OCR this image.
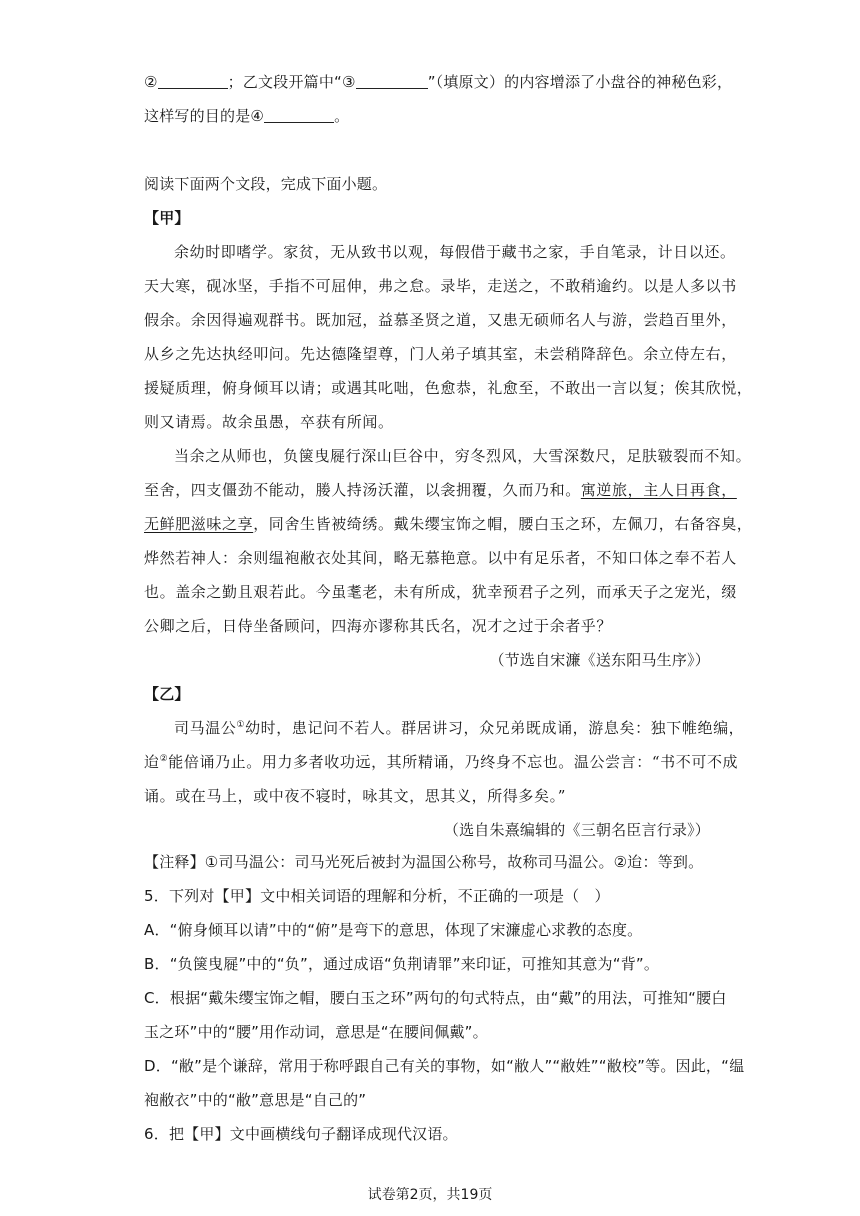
②	；乙文段开篇中“③	”（填原文）的内容增添了小盘谷的神秘色彩，
这样写的目的是④	。
阅读下面两个文段，完成下面小题。
【甲】
余幼时即嗜学。家贫，无从致书以观，每假借于藏书之家，手自笔录，计日以还。
天大寒，砚冰坚，手指不可屈伸，弗之怠。录毕，走送之，不敢稍逾约。以是人多以书
假余。余因得遍观群书。既加冠，益慕圣贤之道，又患无硕师名人与游，尝趋百里外，
从乡之先达执经叩问。先达德隆望尊，门人弟子填其室，未尝稍降辞色。余立侍左右，
援疑质理，俯身倾耳以请；或遇其叱咄，色愈恭，礼愈至，不敢出一言以复；俟其欣悦，
则又请焉。故余虽愚，卒获有所闻。
当余之从师也，负箧曳屣行深山巨谷中，穷冬烈风，大雪深数尺，足肤皲裂而不知。
至舍，四支僵劲不能动，媵人持汤沃灌，以衾拥覆，久而乃和。寓逆旅，主人日再食，
无鲜肥滋味之享，同舍生皆被绮绣。戴朱缨宝饰之帽，腰白玉之环，左佩刀，右备容臭，
烨然若神人：余则缊袍敝衣处其间，略无慕艳意。以中有足乐者，不知口体之奉不若人
也。盖余之勤且艰若此。今虽耄老，未有所成，犹幸预君子之列，而承天子之宠光，缀
公卿之后，日侍坐备顾问，四海亦谬称其氏名，况才之过于余者乎？
（节选自宋濂《送东阳马生序》）
【乙】
司马温公①幼时，患记问不若人。群居讲习，众兄弟既成诵，游息矣：独下帷绝编，
迨②能倍诵乃止。用力多者收功远，其所精诵，乃终身不忘也。温公尝言：“书不可不成
诵。或在马上，或中夜不寝时，咏其文，思其义，所得多矣。”
（选自朱熹编辑的《三朝名臣言行录》）
【注释】①司马温公：司马光死后被封为温国公称号，故称司马温公。②迨：等到。
5．下列对【甲】文中相关词语的理解和分析，不正确的一项是（　）
A．“俯身倾耳以请”中的“俯”是弯下的意思，体现了宋濂虚心求教的态度。
B．“负箧曳屣”中的“负”，通过成语“负荆请罪”来印证，可推知其意为“背”。
C．根据“戴朱缨宝饰之帽，腰白玉之环”两句的句式特点，由“戴”的用法，可推知“腰白
玉之环”中的“腰”用作动词，意思是“在腰间佩戴”。
D．“敝”是个谦辞，常用于称呼跟自己有关的事物，如“敝人”“敝姓”“敝校”等。因此，“缊
袍敝衣”中的“敝”意思是“自己的”
6．把【甲】文中画横线句子翻译成现代汉语。
试卷第2页，共19页
